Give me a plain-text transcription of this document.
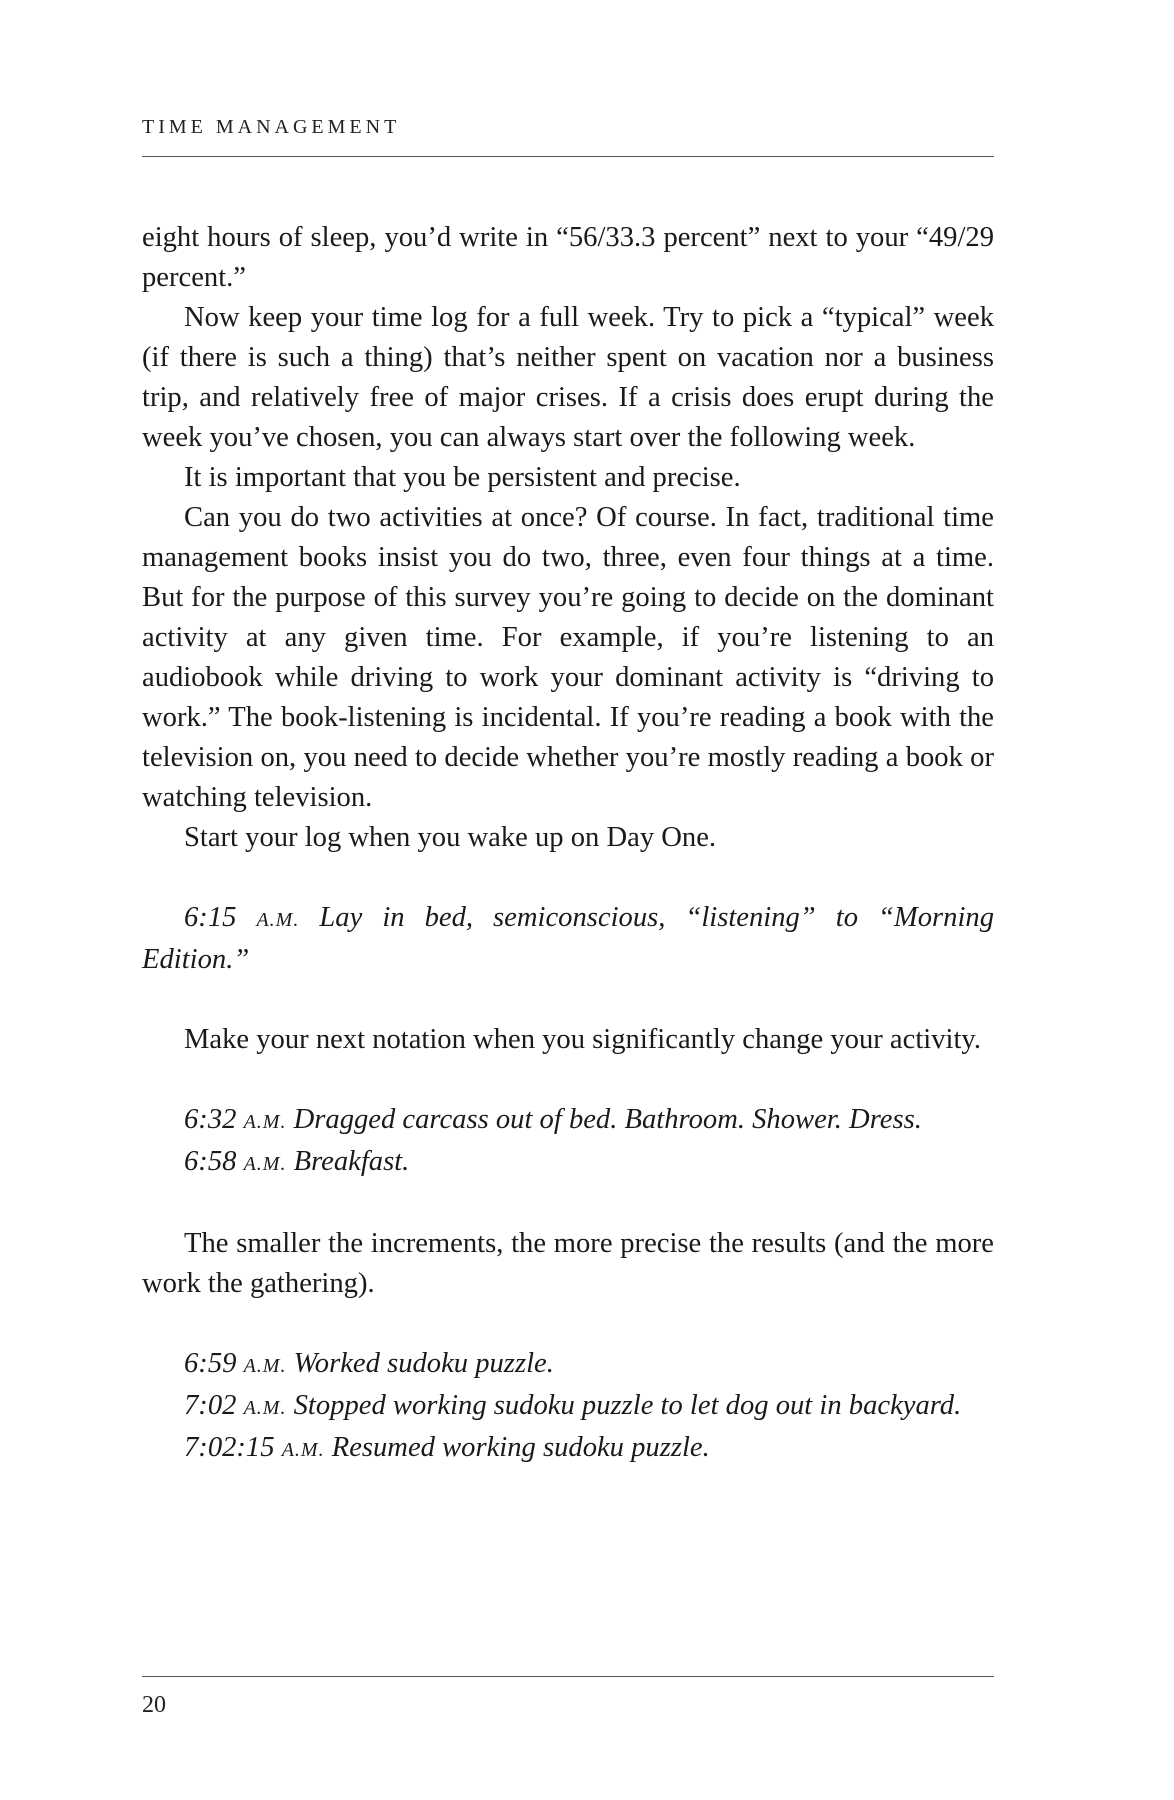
TIME MANAGEMENT

eight hours of sleep, you’d write in “56/33.3 percent” next to your “49/29 percent.”

Now keep your time log for a full week. Try to pick a “typical” week (if there is such a thing) that’s neither spent on vacation nor a business trip, and relatively free of major crises. If a crisis does erupt during the week you’ve chosen, you can always start over the following week.

It is important that you be persistent and precise.

Can you do two activities at once? Of course. In fact, traditional time management books insist you do two, three, even four things at a time. But for the purpose of this survey you’re going to decide on the dominant activity at any given time. For example, if you’re listening to an audiobook while driving to work your dominant activity is “driving to work.” The book-listening is incidental. If you’re reading a book with the television on, you need to decide whether you’re mostly reading a book or watching television.

Start your log when you wake up on Day One.

6:15 A.M. Lay in bed, semiconscious, “listening” to “Morning Edition.”

Make your next notation when you significantly change your activity.

6:32 A.M. Dragged carcass out of bed. Bathroom. Shower. Dress.

6:58 A.M. Breakfast.

The smaller the increments, the more precise the results (and the more work the gathering).

6:59 A.M. Worked sudoku puzzle.

7:02 A.M. Stopped working sudoku puzzle to let dog out in backyard.

7:02:15 A.M. Resumed working sudoku puzzle.

20
